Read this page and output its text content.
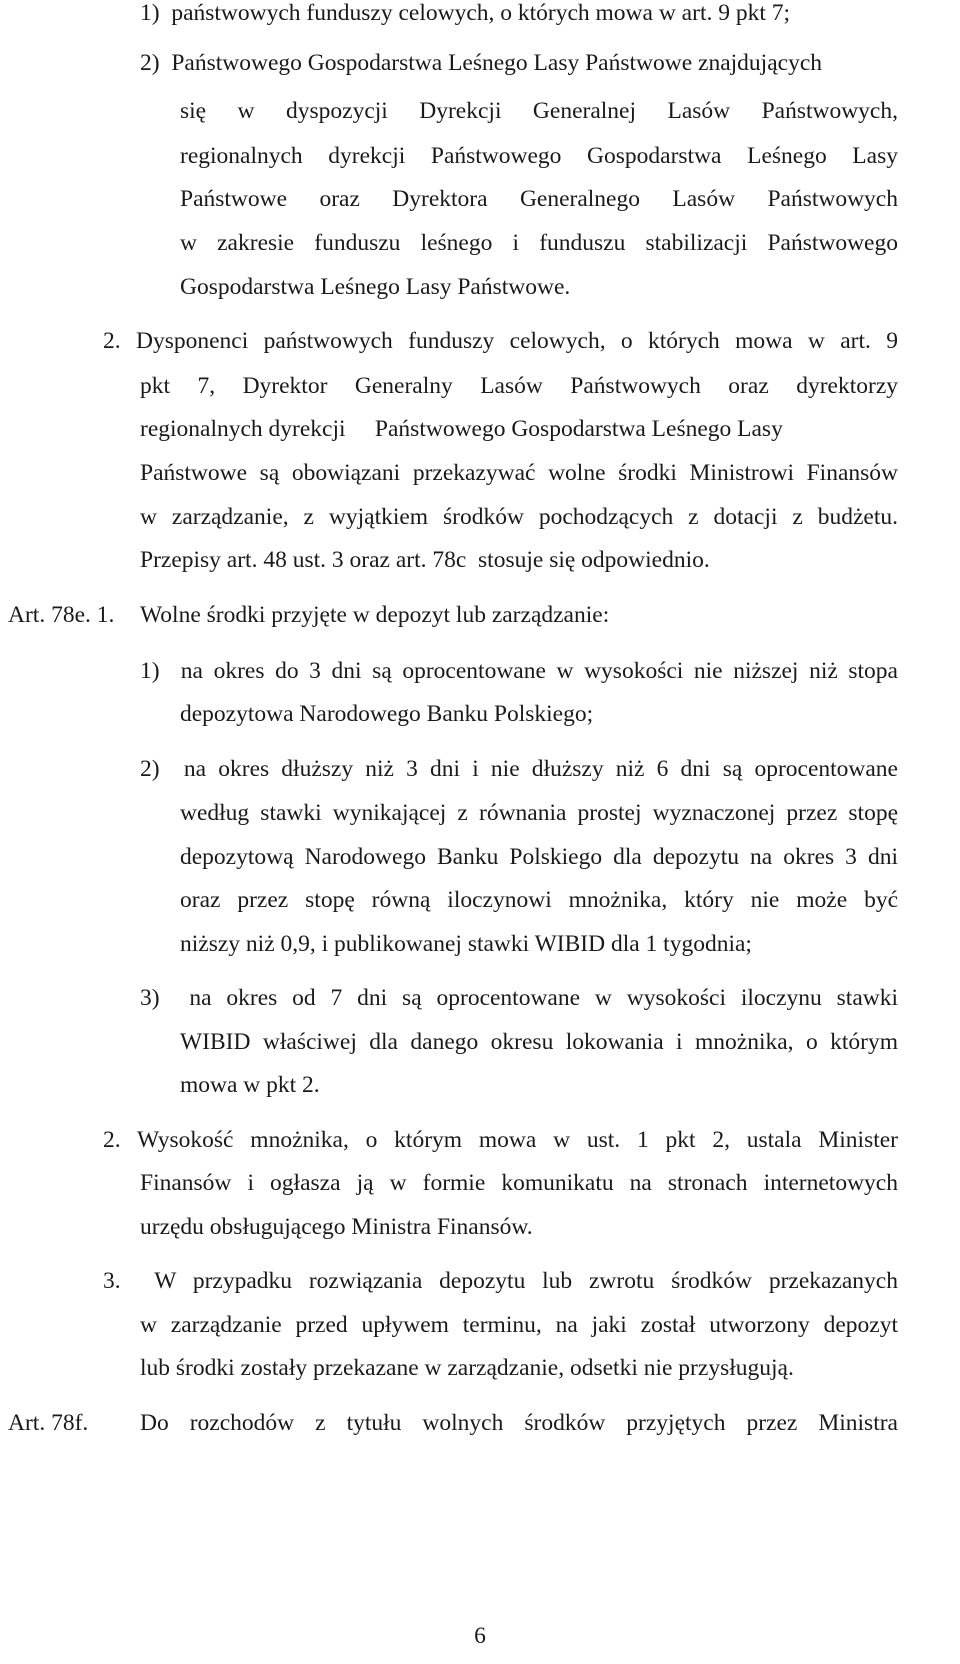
1)  państwowych funduszy celowych, o których mowa w art. 9 pkt 7;
2)  Państwowego Gospodarstwa Leśnego Lasy Państwowe znajdujących
się w dyspozycji Dyrekcji Generalnej Lasów Państwowych,
regionalnych dyrekcji Państwowego Gospodarstwa Leśnego Lasy
Państwowe oraz Dyrektora Generalnego Lasów Państwowych
w zakresie funduszu leśnego i funduszu stabilizacji Państwowego
Gospodarstwa Leśnego Lasy Państwowe.
2. Dysponenci państwowych funduszy celowych, o których mowa w art. 9
pkt 7, Dyrektor Generalny Lasów Państwowych oraz dyrektorzy
regionalnych dyrekcji     Państwowego Gospodarstwa Leśnego Lasy
Państwowe są obowiązani przekazywać wolne środki Ministrowi Finansów
w zarządzanie, z wyjątkiem środków pochodzących z dotacji z budżetu.
Przepisy art. 48 ust. 3 oraz art. 78c  stosuje się odpowiednio.
Art. 78e. 1. Wolne środki przyjęte w depozyt lub zarządzanie:
1)  na okres do 3 dni są oprocentowane w wysokości nie niższej niż stopa
depozytowa Narodowego Banku Polskiego;
2)  na okres dłuższy niż 3 dni i nie dłuższy niż 6 dni są oprocentowane
według stawki wynikającej z równania prostej wyznaczonej przez stopę
depozytową Narodowego Banku Polskiego dla depozytu na okres 3 dni
oraz przez stopę równą iloczynowi mnożnika, który nie może być
niższy niż 0,9, i publikowanej stawki WIBID dla 1 tygodnia;
3)  na okres od 7 dni są oprocentowane w wysokości iloczynu stawki
WIBID właściwej dla danego okresu lokowania i mnożnika, o którym
mowa w pkt 2.
2. Wysokość mnożnika, o którym mowa w ust. 1 pkt 2, ustala Minister
Finansów i ogłasza ją w formie komunikatu na stronach internetowych
urzędu obsługującego Ministra Finansów.
3.  W przypadku rozwiązania depozytu lub zwrotu środków przekazanych
w zarządzanie przed upływem terminu, na jaki został utworzony depozyt
lub środki zostały przekazane w zarządzanie, odsetki nie przysługują.
Art. 78f. Do rozchodów z tytułu wolnych środków przyjętych przez Ministra
6
